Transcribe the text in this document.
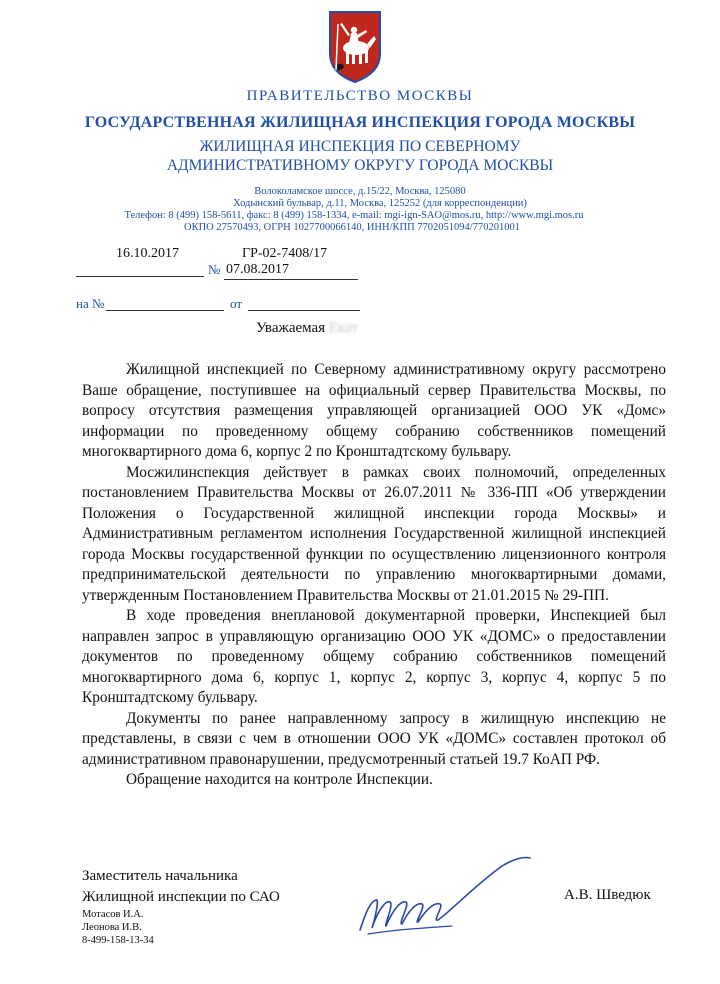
ПРАВИТЕЛЬСТВО МОСКВЫ
ГОСУДАРСТВЕННАЯ ЖИЛИЩНАЯ ИНСПЕКЦИЯ ГОРОДА МОСКВЫ
ЖИЛИЩНАЯ ИНСПЕКЦИЯ ПО СЕВЕРНОМУ
АДМИНИСТРАТИВНОМУ ОКРУГУ ГОРОДА МОСКВЫ
Волоколамское шоссе, д.15/22, Москва, 125080
Ходынский бульвар, д.11, Москва, 125252 (для корреспонденции)
Телефон: 8 (499) 158-5611, факс: 8 (499) 158-1334, e-mail: mgi-ign-SAO@mos.ru, http://www.mgi.mos.ru
ОКПО 27570493, ОГРН 1027700066140, ИНН/КПП 7702051094/770201001
16.10.2017	ГР-02-7408/17
№ 07.08.2017
на №	от
Уважаемая Екат

Жилищной инспекцией по Северному административному округу рассмотрено Ваше обращение, поступившее на официальный сервер Правительства Москвы, по вопросу отсутствия размещения управляющей организацией ООО УК «Домс» информации по проведенному общему собранию собственников помещений многоквартирного дома 6, корпус 2 по Кронштадтскому бульвару.

Мосжилинспекция действует в рамках своих полномочий, определенных постановлением Правительства Москвы от 26.07.2011 № 336-ПП «Об утверждении Положения о Государственной жилищной инспекции города Москвы» и Административным регламентом исполнения Государственной жилищной инспекцией города Москвы государственной функции по осуществлению лицензионного контроля предпринимательской деятельности по управлению многоквартирными домами, утвержденным Постановлением Правительства Москвы от 21.01.2015 № 29-ПП.

В ходе проведения внеплановой документарной проверки, Инспекцией был направлен запрос в управляющую организацию ООО УК «ДОМС» о предоставлении документов по проведенному общему собранию собственников помещений многоквартирного дома 6, корпус 1, корпус 2, корпус 3, корпус 4, корпус 5 по Кронштадтскому бульвару.

Документы по ранее направленному запросу в жилищную инспекцию не представлены, в связи с чем в отношении ООО УК «ДОМС» составлен протокол об административном правонарушении, предусмотренный статьей 19.7 КоАП РФ.

Обращение находится на контроле Инспекции.

Заместитель начальника
Жилищной инспекции по САО
Мотасов И.А.
Леонова И.В.
8-499-158-13-34
А.В. Шведюк
